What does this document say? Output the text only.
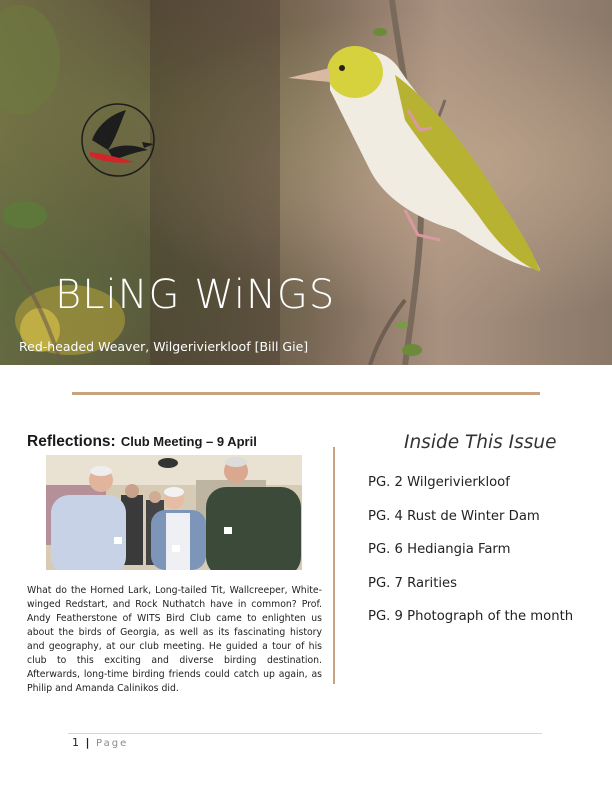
BLiNG WiNGS
Red-headed Weaver, Wilgerivierkloof [Bill Gie]
Reflections: Club Meeting – 9 April
What do the Horned Lark, Long-tailed Tit, Wallcreeper, White-winged Redstart, and Rock Nuthatch have in common? Prof. Andy Featherstone of WITS Bird Club came to enlighten us about the birds of Georgia, as well as its fascinating history and geography, at our club meeting. He guided a tour of his club to this exciting and diverse birding destination. Afterwards, long-time birding friends could catch up again, as Philip and Amanda Calinikos did.
Inside This Issue
PG. 2 Wilgerivierkloof
PG. 4 Rust de Winter Dam
PG. 6 Hediangia Farm
PG. 7 Rarities
PG. 9 Photograph of the month
1 | Page
